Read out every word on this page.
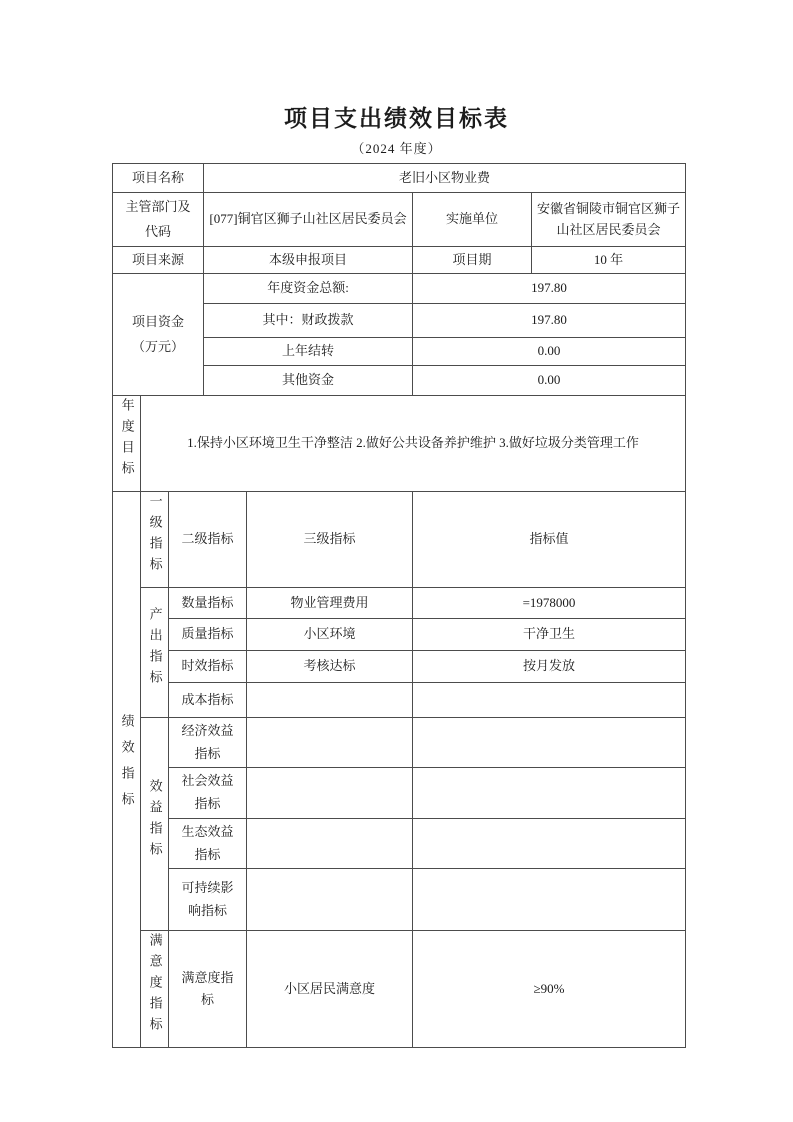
项目支出绩效目标表
（2024 年度）
项目名称			老旧小区物业费			

主管部门及代码			[077]铜官区狮子山社区居民委员会		实施单位	安徽省铜陵市铜官区狮子山社区居民委员会
项目来源			本级申报项目		项目期	10 年

项目资金（万元）			年度资金总额:		197.80	
			其中：财政拨款		197.80	
			上年结转		0.00	
			其他资金		0.00	
年度目标	1.保持小区环境卫生干净整洁 2.做好公共设备养护维护 3.做好垃圾分类管理工作					
绩效指标	一级指标	二级指标		三级指标	指标值	
	产出指标	数量指标		物业管理费用	=1978000	
		质量指标		小区环境	干净卫生	
		时效指标		考核达标	按月发放	
		成本指标				
	效益指标	经济效益指标				

		社会效益指标				

		生态效益指标				

		可持续影响指标				

	满意度指标	满意度指标		小区居民满意度	≥90%	
